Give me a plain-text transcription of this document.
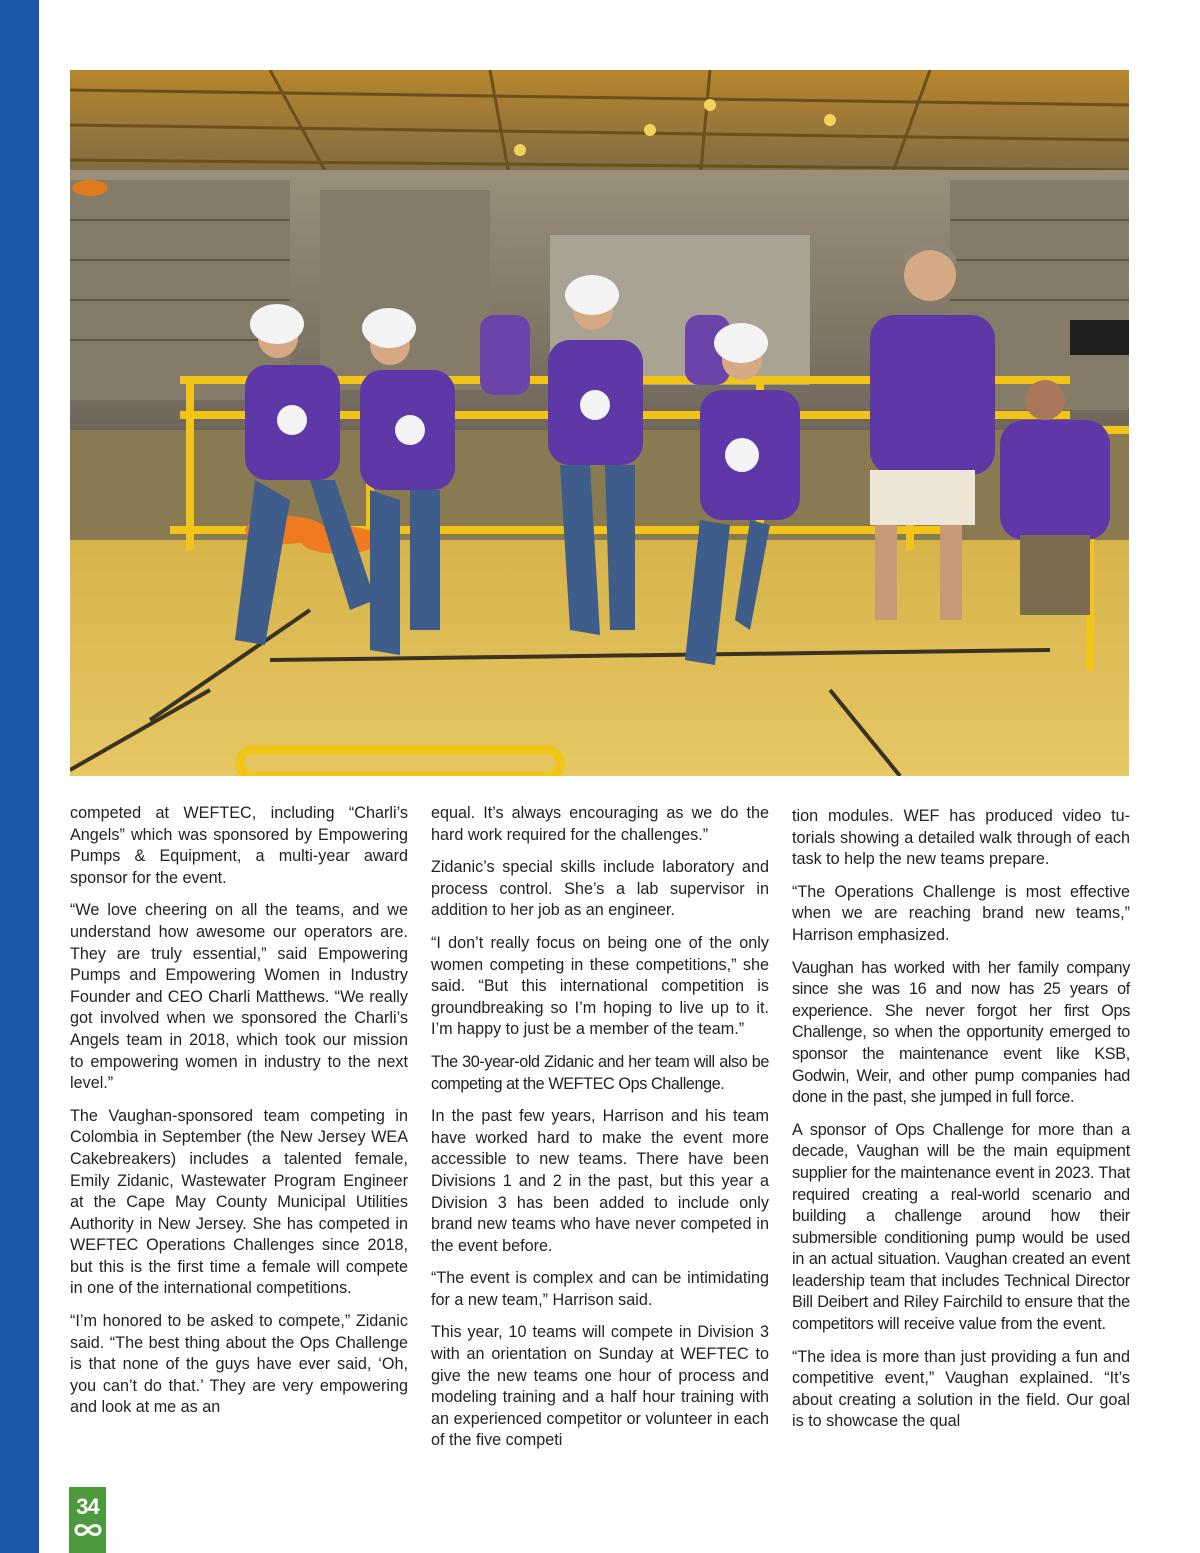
competed at WEFTEC, including “Charli’s Angels” which was sponsored by Empowering Pumps & Equipment, a multi-year award sponsor for the event.

“We love cheering on all the teams, and we understand how awesome our operators are. They are truly essential,” said Empowering Pumps and Empowering Women in Industry Founder and CEO Charli Matthews. “We really got involved when we sponsored the Charli’s Angels team in 2018, which took our mission to empowering women in industry to the next level.”

The Vaughan-sponsored team competing in Colombia in September (the New Jersey WEA Cakebreakers) includes a talented female, Emily Zidanic, Wastewater Program Engineer at the Cape May County Municipal Utilities Authority in New Jersey. She has competed in WEFTEC Operations Challenges since 2018, but this is the first time a female will compete in one of the international competitions.

“I’m honored to be asked to compete,” Zidanic said. “The best thing about the Ops Challenge is that none of the guys have ever said, ‘Oh, you can’t do that.’ They are very empowering and look at me as an

equal. It’s always encouraging as we do the hard work required for the challenges.”

Zidanic’s special skills include laboratory and process control. She’s a lab supervisor in addition to her job as an engineer.

“I don’t really focus on being one of the only women competing in these competitions,” she said. “But this international competition is groundbreaking so I’m hoping to live up to it. I’m happy to just be a member of the team.”

The 30-year-old Zidanic and her team will also be competing at the WEFTEC Ops Challenge.

In the past few years, Harrison and his team have worked hard to make the event more accessible to new teams. There have been Divisions 1 and 2 in the past, but this year a Division 3 has been added to include only brand new teams who have never competed in the event before.

“The event is complex and can be intimidating for a new team,” Harrison said.

This year, 10 teams will compete in Division 3 with an orientation on Sunday at WEFTEC to give the new teams one hour of process and modeling training and a half hour training with an experienced competitor or volunteer in each of the five competi

tion modules. WEF has produced video tutorials showing a detailed walk through of each task to help the new teams prepare.

“The Operations Challenge is most effective when we are reaching brand new teams,” Harrison emphasized.

Vaughan has worked with her family company since she was 16 and now has 25 years of experience. She never forgot her first Ops Challenge, so when the opportunity emerged to sponsor the maintenance event like KSB, Godwin, Weir, and other pump companies had done in the past, she jumped in full force.

A sponsor of Ops Challenge for more than a decade, Vaughan will be the main equipment supplier for the maintenance event in 2023. That required creating a real-world scenario and building a challenge around how their submersible conditioning pump would be used in an actual situation. Vaughan created an event leadership team that includes Technical Director Bill Deibert and Riley Fairchild to ensure that the competitors will receive value from the event.

“The idea is more than just providing a fun and competitive event,” Vaughan explained. “It’s about creating a solution in the field. Our goal is to showcase the qual

34
